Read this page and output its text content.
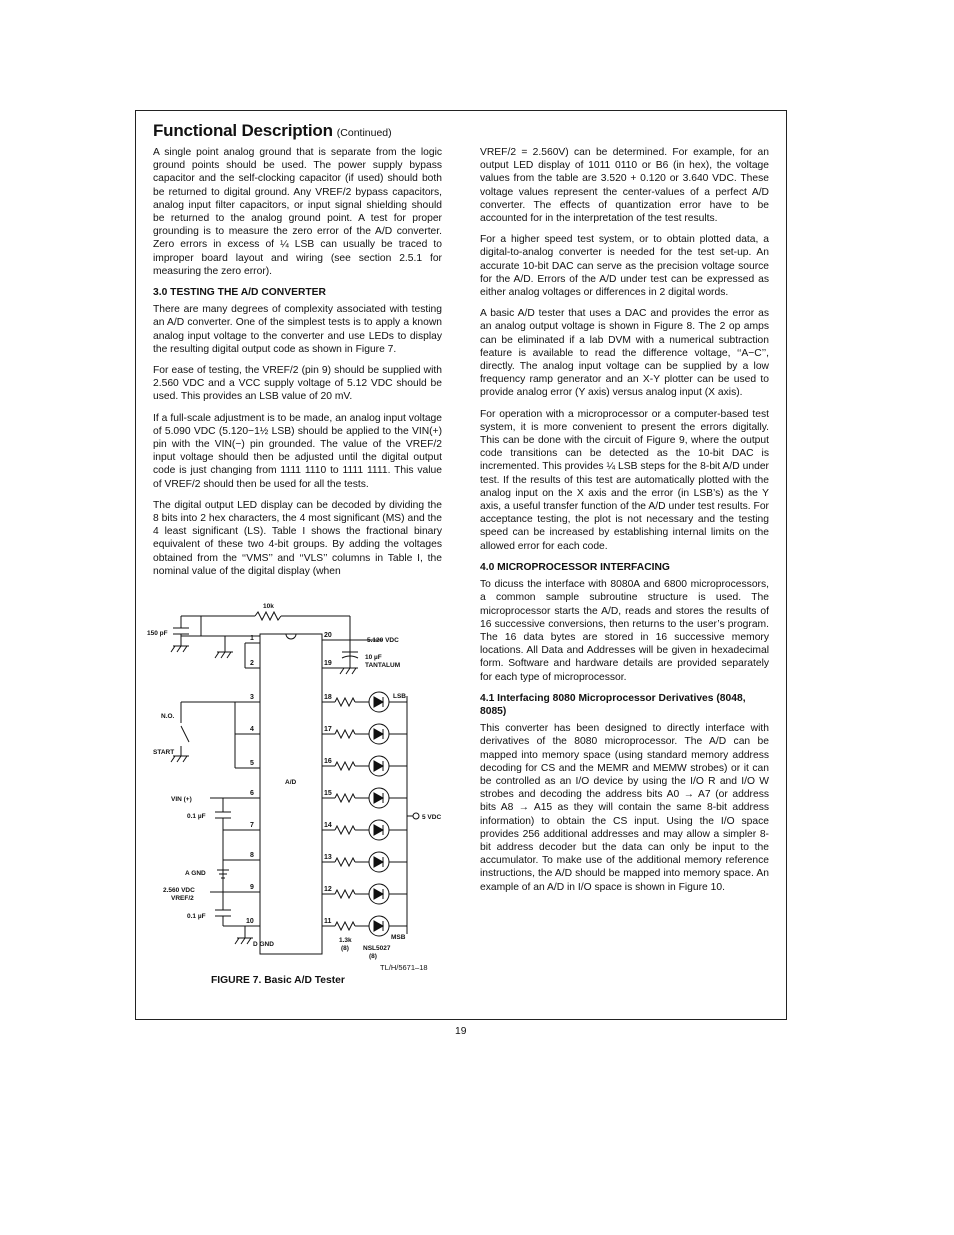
Functional Description (Continued)

A single point analog ground that is separate from the logic ground points should be used. The power supply bypass capacitor and the self-clocking capacitor (if used) should both be returned to digital ground. Any VREF/2 bypass capacitors, analog input filter capacitors, or input signal shielding should be returned to the analog ground point. A test for proper grounding is to measure the zero error of the A/D converter. Zero errors in excess of ¼ LSB can usually be traced to improper board layout and wiring (see section 2.5.1 for measuring the zero error).

3.0 TESTING THE A/D CONVERTER

There are many degrees of complexity associated with testing an A/D converter. One of the simplest tests is to apply a known analog input voltage to the converter and use LEDs to display the resulting digital output code as shown in Figure 7.

For ease of testing, the VREF/2 (pin 9) should be supplied with 2.560 VDC and a VCC supply voltage of 5.12 VDC should be used. This provides an LSB value of 20 mV.

If a full-scale adjustment is to be made, an analog input voltage of 5.090 VDC (5.120−1½ LSB) should be applied to the VIN(+) pin with the VIN(−) pin grounded. The value of the VREF/2 input voltage should then be adjusted until the digital output code is just changing from 1111 1110 to 1111 1111. This value of VREF/2 should then be used for all the tests.

The digital output LED display can be decoded by dividing the 8 bits into 2 hex characters, the 4 most significant (MS) and the 4 least significant (LS). Table I shows the fractional binary equivalent of these two 4-bit groups. By adding the voltages obtained from the ‘‘VMS’’ and ‘‘VLS’’ columns in Table I, the nominal value of the digital display (when

VREF/2 = 2.560V) can be determined. For example, for an output LED display of 1011 0110 or B6 (in hex), the voltage values from the table are 3.520 + 0.120 or 3.640 VDC. These voltage values represent the center-values of a perfect A/D converter. The effects of quantization error have to be accounted for in the interpretation of the test results.

For a higher speed test system, or to obtain plotted data, a digital-to-analog converter is needed for the test set-up. An accurate 10-bit DAC can serve as the precision voltage source for the A/D. Errors of the A/D under test can be expressed as either analog voltages or differences in 2 digital words.

A basic A/D tester that uses a DAC and provides the error as an analog output voltage is shown in Figure 8. The 2 op amps can be eliminated if a lab DVM with a numerical subtraction feature is available to read the difference voltage, ‘‘A−C’’, directly. The analog input voltage can be supplied by a low frequency ramp generator and an X-Y plotter can be used to provide analog error (Y axis) versus analog input (X axis).

For operation with a microprocessor or a computer-based test system, it is more convenient to present the errors digitally. This can be done with the circuit of Figure 9, where the output code transitions can be detected as the 10-bit DAC is incremented. This provides ¼ LSB steps for the 8-bit A/D under test. If the results of this test are automatically plotted with the analog input on the X axis and the error (in LSB’s) as the Y axis, a useful transfer function of the A/D under test results. For acceptance testing, the plot is not necessary and the testing speed can be increased by establishing internal limits on the allowed error for each code.

4.0 MICROPROCESSOR INTERFACING

To dicuss the interface with 8080A and 6800 microprocessors, a common sample subroutine structure is used. The microprocessor starts the A/D, reads and stores the results of 16 successive conversions, then returns to the user’s program. The 16 data bytes are stored in 16 successive memory locations. All Data and Addresses will be given in hexadecimal form. Software and hardware details are provided separately for each type of microprocessor.

4.1 Interfacing 8080 Microprocessor Derivatives (8048, 8085)

This converter has been designed to directly interface with derivatives of the 8080 microprocessor. The A/D can be mapped into memory space (using standard memory address decoding for CS and the MEMR and MEMW strobes) or it can be controlled as an I/O device by using the I/O R and I/O W strobes and decoding the address bits A0 → A7 (or address bits A8 → A15 as they will contain the same 8-bit address information) to obtain the CS input. Using the I/O space provides 256 additional addresses and may allow a simpler 8-bit address decoder but the data can only be input to the accumulator. To make use of the additional memory reference instructions, the A/D should be mapped into memory space. An example of an A/D in I/O space is shown in Figure 10.

18
17
16
15
14
13
12
11
1
2
3
4
5
6
7
8
9
10
20
19
10k
150 pF
5.120 VDC
10 µF
TANTALUM
N.O.
START
VIN (+)
0.1 µF
A GND
2.560 VDC
VREF/2
0.1 µF
D GND
A/D
5 VDC
1.3k
(8) NSL5027
(8)
LSB
MSB
TL/H/5671–18
FIGURE 7. Basic A/D Tester
19
